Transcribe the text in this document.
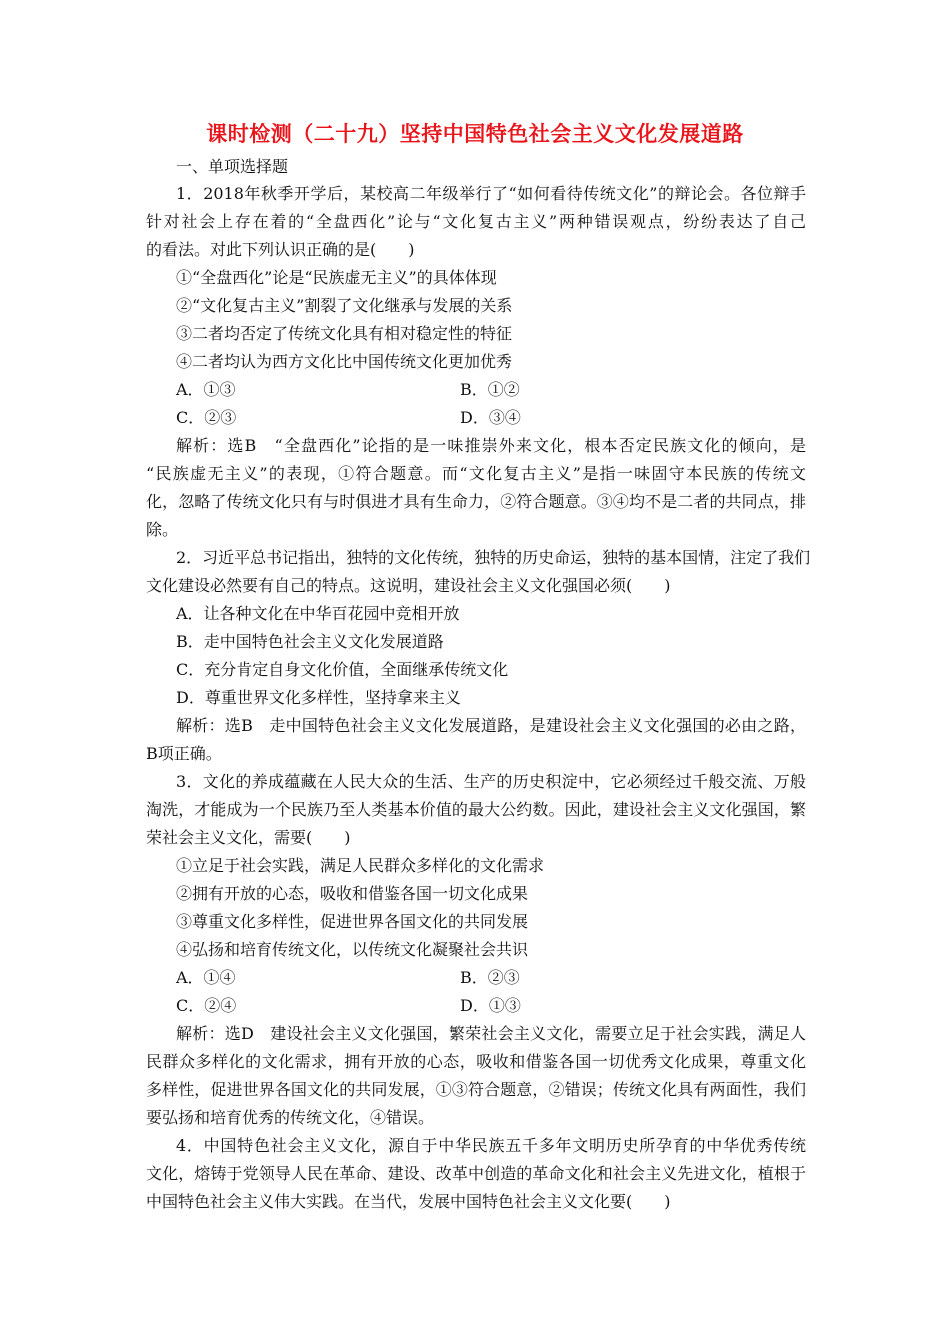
课时检测（二十九）坚持中国特色社会主义文化发展道路
一、单项选择题
1．2018年秋季开学后，某校高二年级举行了“如何看待传统文化”的辩论会。各位辩手
针对社会上存在着的“全盘西化”论与“文化复古主义”两种错误观点，纷纷表达了自己
的看法。对此下列认识正确的是(　　)
①“全盘西化”论是“民族虚无主义”的具体体现
②“文化复古主义”割裂了文化继承与发展的关系
③二者均否定了传统文化具有相对稳定性的特征
④二者均认为西方文化比中国传统文化更加优秀
A．①③	B．①②
C．②③	D．③④
解析：选B　“全盘西化”论指的是一味推崇外来文化，根本否定民族文化的倾向，是
“民族虚无主义”的表现，①符合题意。而“文化复古主义”是指一味固守本民族的传统文
化，忽略了传统文化只有与时俱进才具有生命力，②符合题意。③④均不是二者的共同点，排
除。
2．习近平总书记指出，独特的文化传统，独特的历史命运，独特的基本国情，注定了我们
文化建设必然要有自己的特点。这说明，建设社会主义文化强国必须(　　)
A．让各种文化在中华百花园中竞相开放
B．走中国特色社会主义文化发展道路
C．充分肯定自身文化价值，全面继承传统文化
D．尊重世界文化多样性，坚持拿来主义
解析：选B　走中国特色社会主义文化发展道路，是建设社会主义文化强国的必由之路，
B项正确。
3．文化的养成蕴藏在人民大众的生活、生产的历史积淀中，它必须经过千般交流、万般
淘洗，才能成为一个民族乃至人类基本价值的最大公约数。因此，建设社会主义文化强国，繁
荣社会主义文化，需要(　　)
①立足于社会实践，满足人民群众多样化的文化需求
②拥有开放的心态，吸收和借鉴各国一切文化成果
③尊重文化多样性，促进世界各国文化的共同发展
④弘扬和培育传统文化，以传统文化凝聚社会共识
A．①④	B．②③
C．②④	D．①③
解析：选D　建设社会主义文化强国，繁荣社会主义文化，需要立足于社会实践，满足人
民群众多样化的文化需求，拥有开放的心态，吸收和借鉴各国一切优秀文化成果，尊重文化
多样性，促进世界各国文化的共同发展，①③符合题意，②错误；传统文化具有两面性，我们
要弘扬和培育优秀的传统文化，④错误。
4．中国特色社会主义文化，源自于中华民族五千多年文明历史所孕育的中华优秀传统
文化，熔铸于党领导人民在革命、建设、改革中创造的革命文化和社会主义先进文化，植根于
中国特色社会主义伟大实践。在当代，发展中国特色社会主义文化要(　　)
